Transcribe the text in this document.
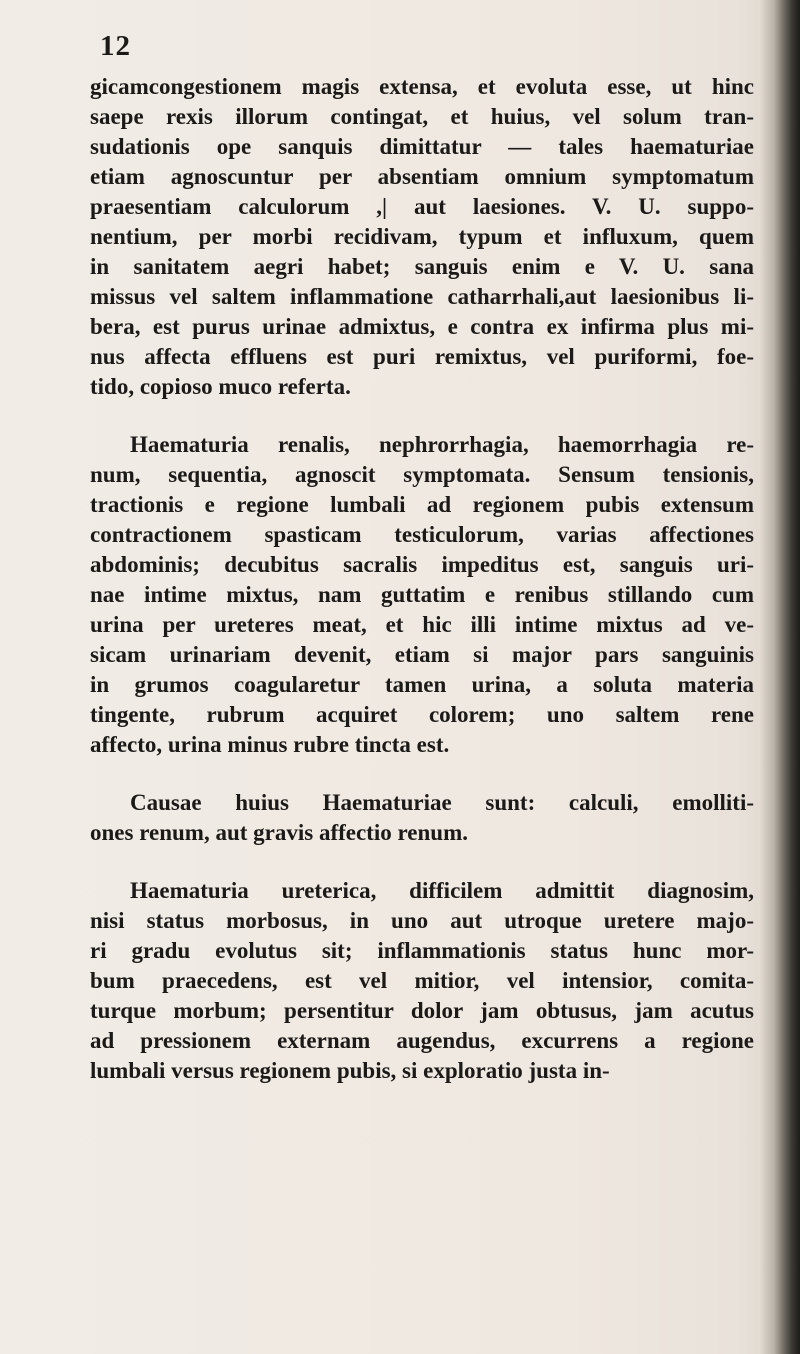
12

gicamcongestionem magis extensa, et evoluta esse, ut hinc
saepe rexis illorum contingat, et huius, vel solum tran-
sudationis ope sanquis dimittatur — tales haematuriae
etiam agnoscuntur per absentiam omnium symptomatum
praesentiam calculorum ,| aut laesiones. V. U. suppo-
nentium, per morbi recidivam, typum et influxum, quem
in sanitatem aegri habet; sanguis enim e V. U. sana
missus vel saltem inflammatione catharrhali,aut laesionibus li-
bera, est purus urinae admixtus, e contra ex infirma plus mi-
nus affecta effluens est puri remixtus, vel puriformi, foe-
tido, copioso muco referta.
Haematuria renalis, nephrorrhagia, haemorrhagia re-
num, sequentia, agnoscit symptomata. Sensum tensionis,
tractionis e regione lumbali ad regionem pubis extensum
contractionem spasticam testiculorum, varias affectiones
abdominis; decubitus sacralis impeditus est, sanguis uri-
nae intime mixtus, nam guttatim e renibus stillando cum
urina per ureteres meat, et hic illi intime mixtus ad ve-
sicam urinariam devenit, etiam si major pars sanguinis
in grumos coagularetur tamen urina, a soluta materia
tingente, rubrum acquiret colorem; uno saltem rene
affecto, urina minus rubre tincta est.
Causae huius Haematuriae sunt: calculi, emolliti-
ones renum, aut gravis affectio renum.
Haematuria ureterica, difficilem admittit diagnosim,
nisi status morbosus, in uno aut utroque uretere majo-
ri gradu evolutus sit; inflammationis status hunc mor-
bum praecedens, est vel mitior, vel intensior, comita-
turque morbum; persentitur dolor jam obtusus, jam acutus
ad pressionem externam augendus, excurrens a regione
lumbali versus regionem pubis, si exploratio justa in-
